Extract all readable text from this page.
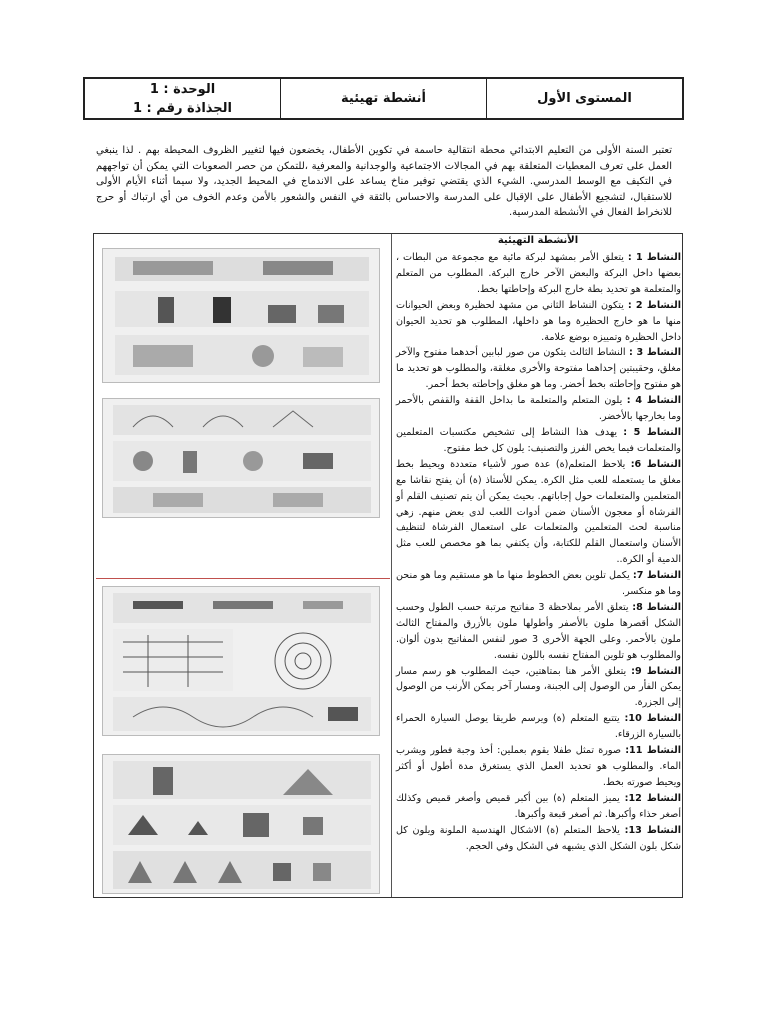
أنشطة تهيئية	المستوى الأول
الوحدة : 1
الجذاذة رقم : 1
تعتبر السنة الأولى من التعليم الابتدائي محطة انتقالية حاسمة في تكوين الأطفال، يخضعون فيها لتغيير الظروف المحيطة بهم . لذا ينبغي العمل على تعرف المعطيات المتعلقة بهم في المجالات الاجتماعية والوجدانية والمعرفية ،للتمكن من حصر الصعوبات التي يمكن أن تواجههم في التكيف مع الوسط المدرسي. الشيء الذي يقتضي توفير مناخ يساعد على الاندماج في المحيط الجديد، ولا سيما أثناء الأيام الأولى للاستقبال، لتشجيع الأطفال على الإقبال على المدرسة والاحساس بالثقة في النفس والشعور بالأمن وعدم الخوف من أي ارتباك أو حرج للانخراط الفعال في الأنشطة المدرسية.
الأنشطة التهيئية
النشاط 1 : يتعلق الأمر بمشهد لبركة مائية مع مجموعة من البطات ، بعضها داخل البركة والبعض الآخر خارج البركة. المطلوب من المتعلم والمتعلمة هو تحديد بطة خارج البركة وإحاطتها بخط.
النشاط 2 : يتكون النشاط الثاني من مشهد لحظيرة وبعض الحيوانات منها ما هو خارج الحظيرة وما هو داخلها، المطلوب هو تحديد الحيوان داخل الحظيرة وتمييزه بوضع علامة.
النشاط 3 : النشاط الثالث يتكون من صور لبابين أحدهما مفتوح والآخر مغلق، وحقيبتين إحداهما مفتوحة والأخرى مغلقة، والمطلوب هو تحديد ما هو مفتوح وإحاطته بخط أخضر. وما هو مغلق وإحاطته بخط أحمر.
النشاط 4 : يلون المتعلم والمتعلمة ما بداخل القفة والقفص بالأحمر وما بخارجها بالأخضر.
النشاط 5 : يهدف هذا النشاط إلى تشخيص مكتسبات المتعلمين والمتعلمات فيما يخص الفرز والتصنيف: يلون كل خط مفتوح.
النشاط 6: يلاحظ المتعلم(ة) عدة صور لأشياء متعددة ويحيط بخط مغلق ما يستعمله للعب مثل الكرة. يمكن للأستاذ (ة) أن يفتح نقاشا مع المتعلمين والمتعلمات حول إجاباتهم. بحيث يمكن أن يتم تصنيف القلم أو الفرشاة أو معجون الأسنان ضمن أدوات اللعب لدى بعض منهم. زهي مناسبة لحث المتعلمين والمتعلمات على استعمال الفرشاة لتنظيف الأسنان واستعمال القلم للكتابة، وأن يكتفي بما هو مخصص للعب مثل الدمية أو الكرة..
النشاط 7: يكمل تلوين بعض الخطوط منها ما هو مستقيم وما هو منحن وما هو منكسر.
النشاط 8: يتعلق الأمر بملاحظة 3 مفاتيح مرتبة حسب الطول وحسب الشكل أقصرها ملون بالأصفر وأطولها ملون بالأزرق والمفتاح الثالث ملون بالأحمر. وعلى الجهة الأخرى 3 صور لنفس المفاتيح بدون ألوان. والمطلوب هو تلوين المفتاح نفسه باللون نفسه.
النشاط 9: يتعلق الأمر هنا بمتاهتين، حيث المطلوب هو رسم مسار يمكن الفأر من الوصول إلى الجبنة، ومسار آخر يمكن الأرنب من الوصول إلى الجزرة.
النشاط 10: يتتبع المتعلم (ة) ويرسم طريقا يوصل السيارة الحمراء بالسيارة الزرقاء.
النشاط 11: صورة تمثل طفلا يقوم بعملين: أخذ وجبة فطور ويشرب الماء. والمطلوب هو تحديد العمل الذي يستغرق مدة أطول أو أكثر ويحيط صورته بخط.
النشاط 12: يميز المتعلم (ة) بين أكبر قميص وأصغر قميص وكذلك أصغر حذاء وأكبرها. ثم أصغر قبعة وأكبرها.
النشاط 13: يلاحظ المتعلم (ة) الاشكال الهندسية الملونة ويلون كل شكل بلون الشكل الذي يشبهه في الشكل وفي الحجم.
